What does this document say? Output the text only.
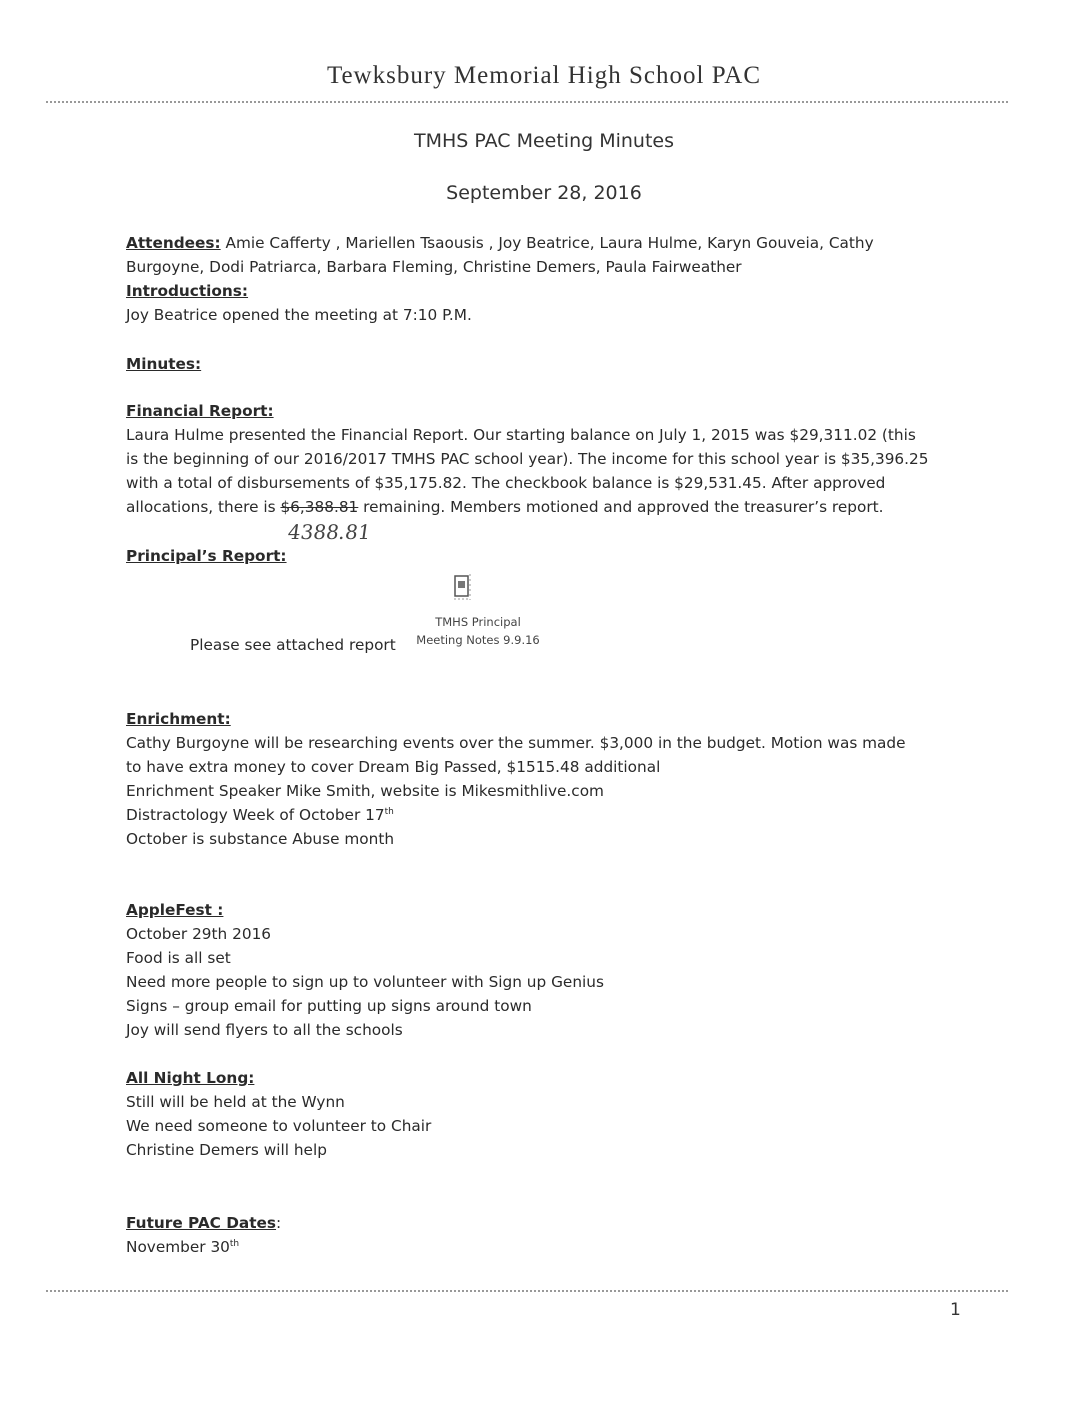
Tewksbury Memorial High School PAC
TMHS PAC Meeting Minutes
September 28, 2016
Attendees: Amie Cafferty , Mariellen Tsaousis , Joy Beatrice, Laura Hulme, Karyn Gouveia, Cathy
Burgoyne, Dodi Patriarca, Barbara Fleming, Christine Demers, Paula Fairweather
Introductions:
Joy Beatrice opened the meeting at 7:10 P.M.
Minutes:
Financial Report:
Laura Hulme presented the Financial Report. Our starting balance on July 1, 2015 was $29,311.02 (this
is the beginning of our 2016/2017 TMHS PAC school year). The income for this school year is $35,396.25
with a total of disbursements of $35,175.82. The checkbook balance is $29,531.45. After approved
allocations, there is $6,388.81 remaining. Members motioned and approved the treasurer’s report.
4388.81
Principal’s Report:
TMHS Principal
Meeting Notes 9.9.16
Please see attached report
Enrichment:
Cathy Burgoyne will be researching events over the summer. $3,000 in the budget. Motion was made
to have extra money to cover Dream Big Passed, $1515.48 additional
Enrichment Speaker Mike Smith, website is Mikesmithlive.com
Distractology Week of October 17th
October is substance Abuse month
AppleFest :
October 29th 2016
Food is all set
Need more people to sign up to volunteer with Sign up Genius
Signs – group email for putting up signs around town
Joy will send flyers to all the schools
All Night Long:
Still will be held at the Wynn
We need someone to volunteer to Chair
Christine Demers will help
Future PAC Dates:
November 30th
1
